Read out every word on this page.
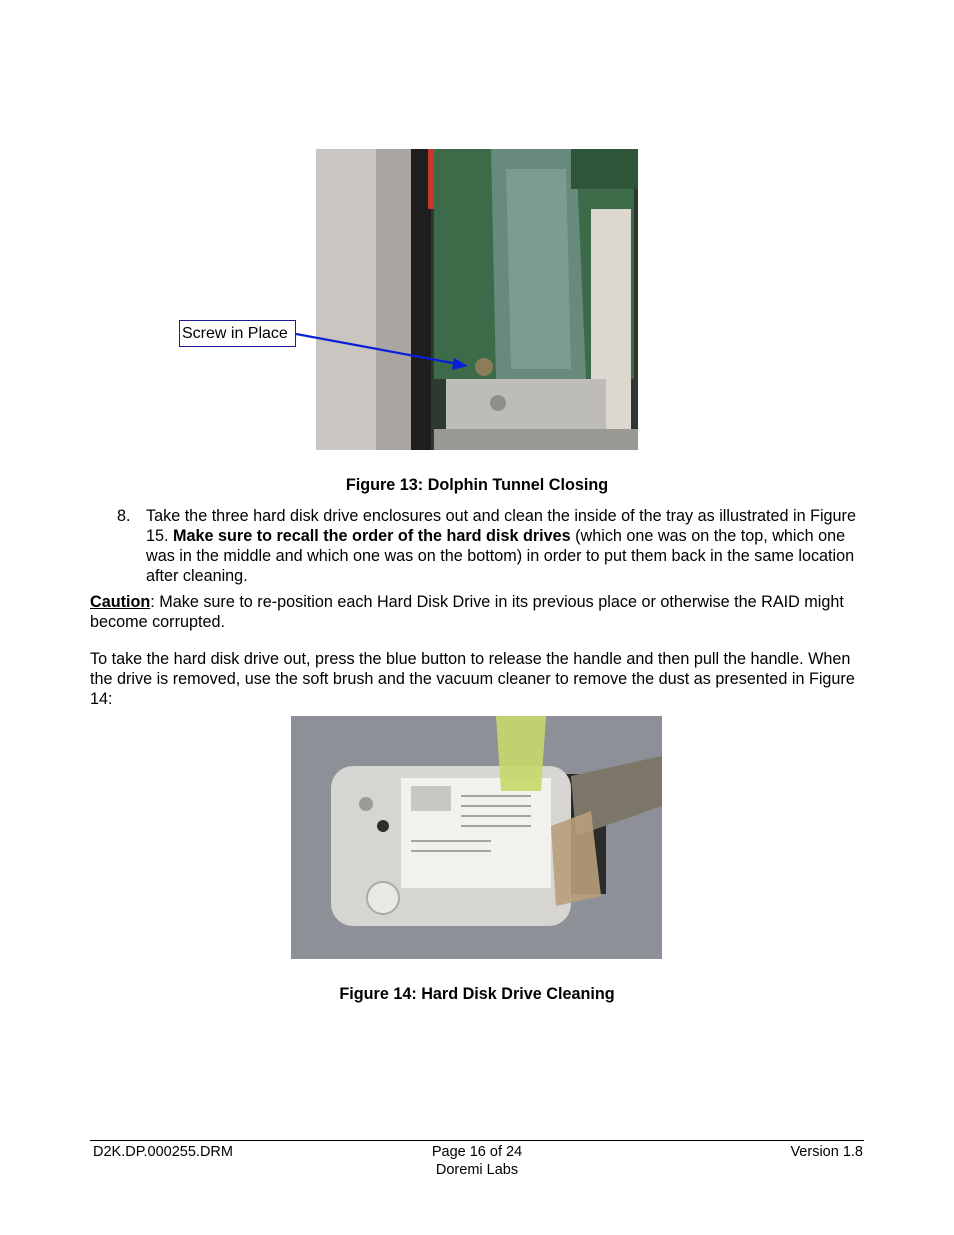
Screw in Place
Figure 13: Dolphin Tunnel Closing
8. Take the three hard disk drive enclosures out and clean the inside of the tray as illustrated in Figure 15. Make sure to recall the order of the hard disk drives (which one was on the top, which one was in the middle and which one was on the bottom) in order to put them back in the same location after cleaning.
Caution: Make sure to re-position each Hard Disk Drive in its previous place or otherwise the RAID might become corrupted.
To take the hard disk drive out, press the blue button to release the handle and then pull the handle. When the drive is removed, use the soft brush and the vacuum cleaner to remove the dust as presented in Figure 14:
Figure 14: Hard Disk Drive Cleaning
D2K.DP.000255.DRM	Page 16 of 24
Doremi Labs
Version 1.8
